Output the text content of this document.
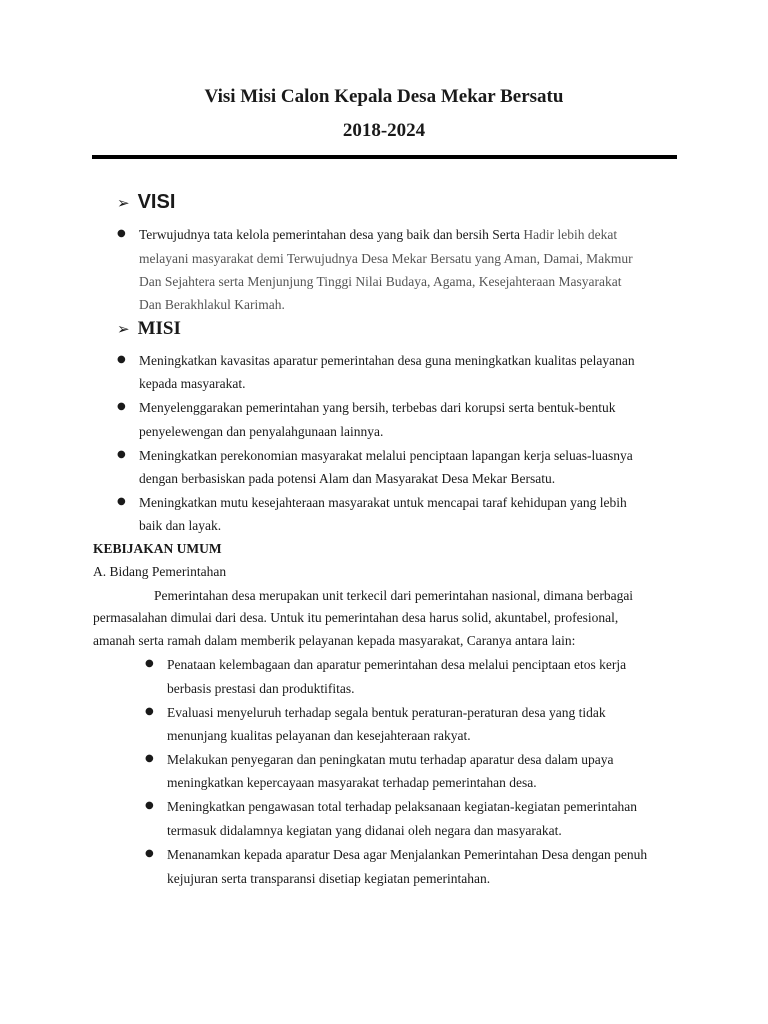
Visi Misi Calon Kepala Desa Mekar Bersatu
2018-2024
➢ VISI
● Terwujudnya tata kelola pemerintahan desa yang baik dan bersih Serta Hadir lebih dekat
melayani masyarakat demi Terwujudnya Desa Mekar Bersatu yang Aman, Damai, Makmur
Dan Sejahtera serta Menjunjung Tinggi Nilai Budaya, Agama, Kesejahteraan Masyarakat
Dan Berakhlakul Karimah.
➢ MISI
● Meningkatkan kavasitas aparatur pemerintahan desa guna meningkatkan kualitas pelayanan
kepada masyarakat.
● Menyelenggarakan pemerintahan yang bersih, terbebas dari korupsi serta bentuk-bentuk
penyelewengan dan penyalahgunaan lainnya.
● Meningkatkan perekonomian masyarakat melalui penciptaan lapangan kerja seluas-luasnya
dengan berbasiskan pada potensi Alam dan Masyarakat Desa Mekar Bersatu.
● Meningkatkan mutu kesejahteraan masyarakat untuk mencapai taraf kehidupan yang lebih
baik dan layak.
KEBIJAKAN UMUM
A. Bidang Pemerintahan
Pemerintahan desa merupakan unit terkecil dari pemerintahan nasional, dimana berbagai
permasalahan dimulai dari desa. Untuk itu pemerintahan desa harus solid, akuntabel, profesional,
amanah serta ramah dalam memberik pelayanan kepada masyarakat, Caranya antara lain:
● Penataan kelembagaan dan aparatur pemerintahan desa melalui penciptaan etos kerja
berbasis prestasi dan produktifitas.
● Evaluasi menyeluruh terhadap segala bentuk peraturan-peraturan desa yang tidak
menunjang kualitas pelayanan dan kesejahteraan rakyat.
● Melakukan penyegaran dan peningkatan mutu terhadap aparatur desa dalam upaya
meningkatkan kepercayaan masyarakat terhadap pemerintahan desa.
● Meningkatkan pengawasan total terhadap pelaksanaan kegiatan-kegiatan pemerintahan
termasuk didalamnya kegiatan yang didanai oleh negara dan masyarakat.
● Menanamkan kepada aparatur Desa agar Menjalankan Pemerintahan Desa dengan penuh
kejujuran serta transparansi disetiap kegiatan pemerintahan.
